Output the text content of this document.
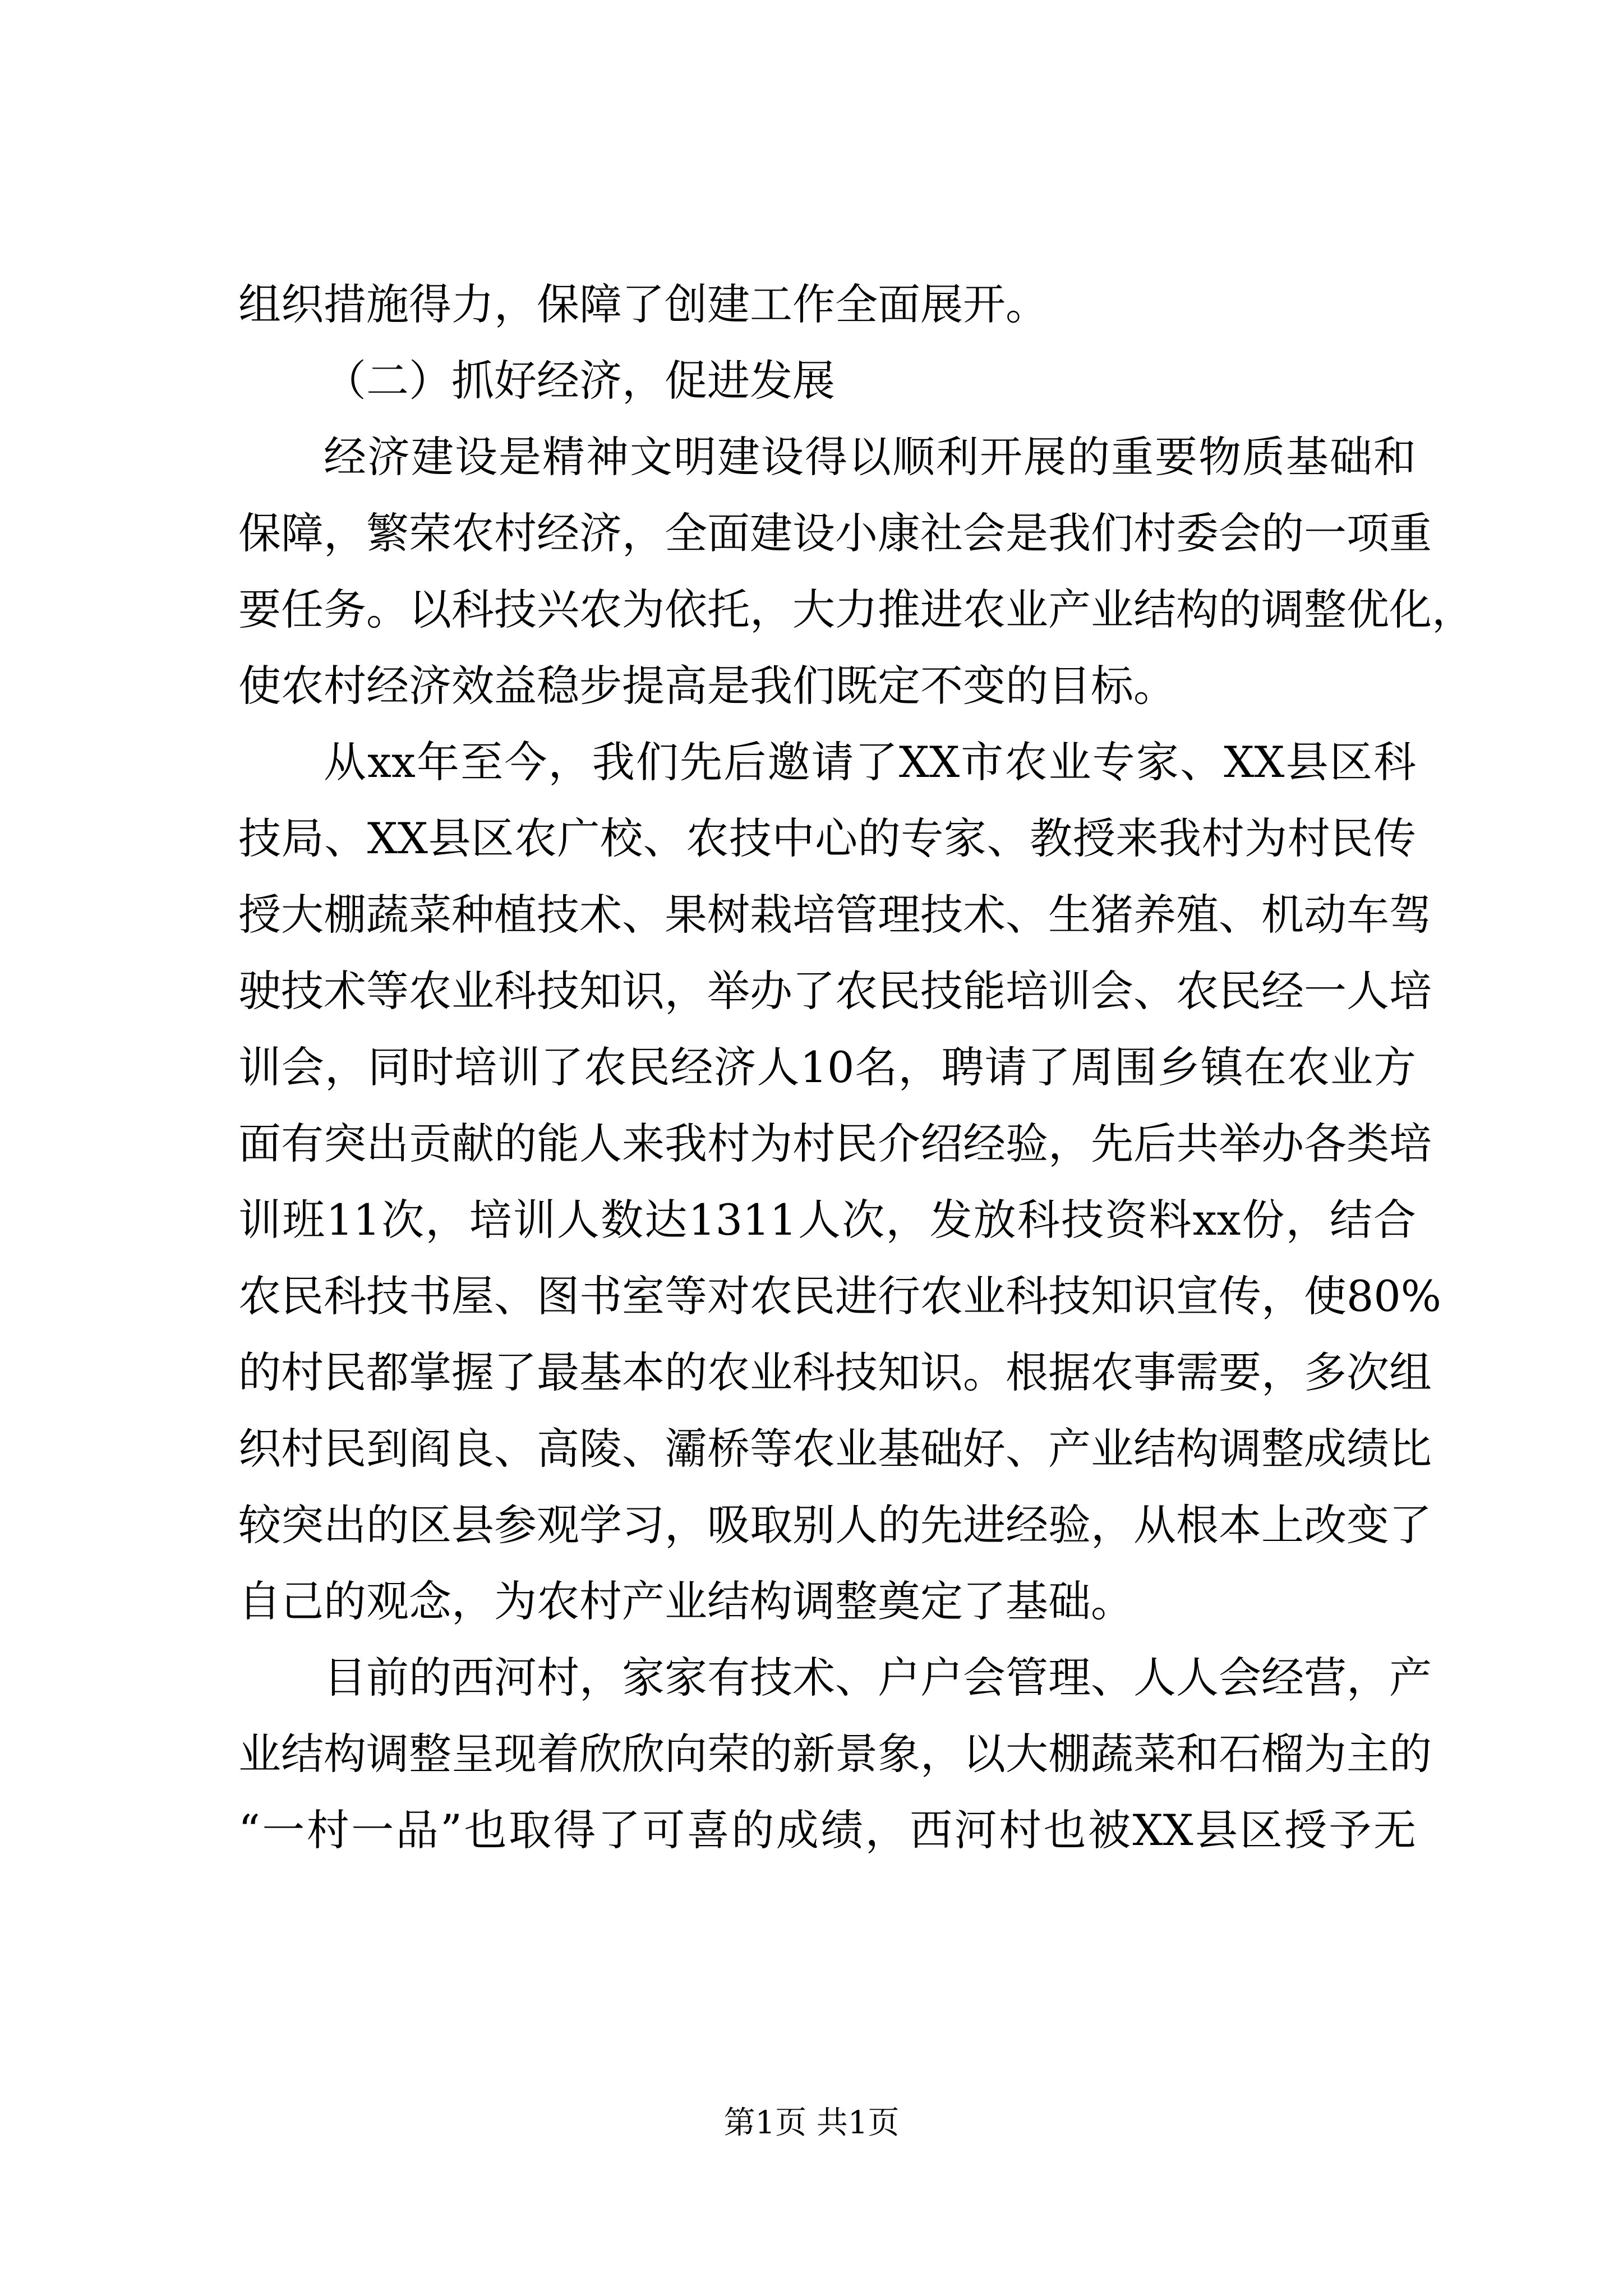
组织措施得力，保障了创建工作全面展开。
（二）抓好经济，促进发展
经济建设是精神文明建设得以顺利开展的重要物质基础和
保障，繁荣农村经济，全面建设小康社会是我们村委会的一项重
要任务。以科技兴农为依托，大力推进农业产业结构的调整优化，
使农村经济效益稳步提高是我们既定不变的目标。
从xx年至今，我们先后邀请了XX市农业专家、XX县区科
技局、XX县区农广校、农技中心的专家、教授来我村为村民传
授大棚蔬菜种植技术、果树栽培管理技术、生猪养殖、机动车驾
驶技术等农业科技知识，举办了农民技能培训会、农民经一人培
训会，同时培训了农民经济人10名，聘请了周围乡镇在农业方
面有突出贡献的能人来我村为村民介绍经验，先后共举办各类培
训班11次，培训人数达1311人次，发放科技资料xx份，结合
农民科技书屋、图书室等对农民进行农业科技知识宣传，使80%
的村民都掌握了最基本的农业科技知识。根据农事需要，多次组
织村民到阎良、高陵、灞桥等农业基础好、产业结构调整成绩比
较突出的区县参观学习，吸取别人的先进经验，从根本上改变了
自己的观念，为农村产业结构调整奠定了基础。
目前的西河村，家家有技术、户户会管理、人人会经营，产
业结构调整呈现着欣欣向荣的新景象，以大棚蔬菜和石榴为主的
“一村一品”也取得了可喜的成绩，西河村也被XX县区授予无
第1页 共1页
